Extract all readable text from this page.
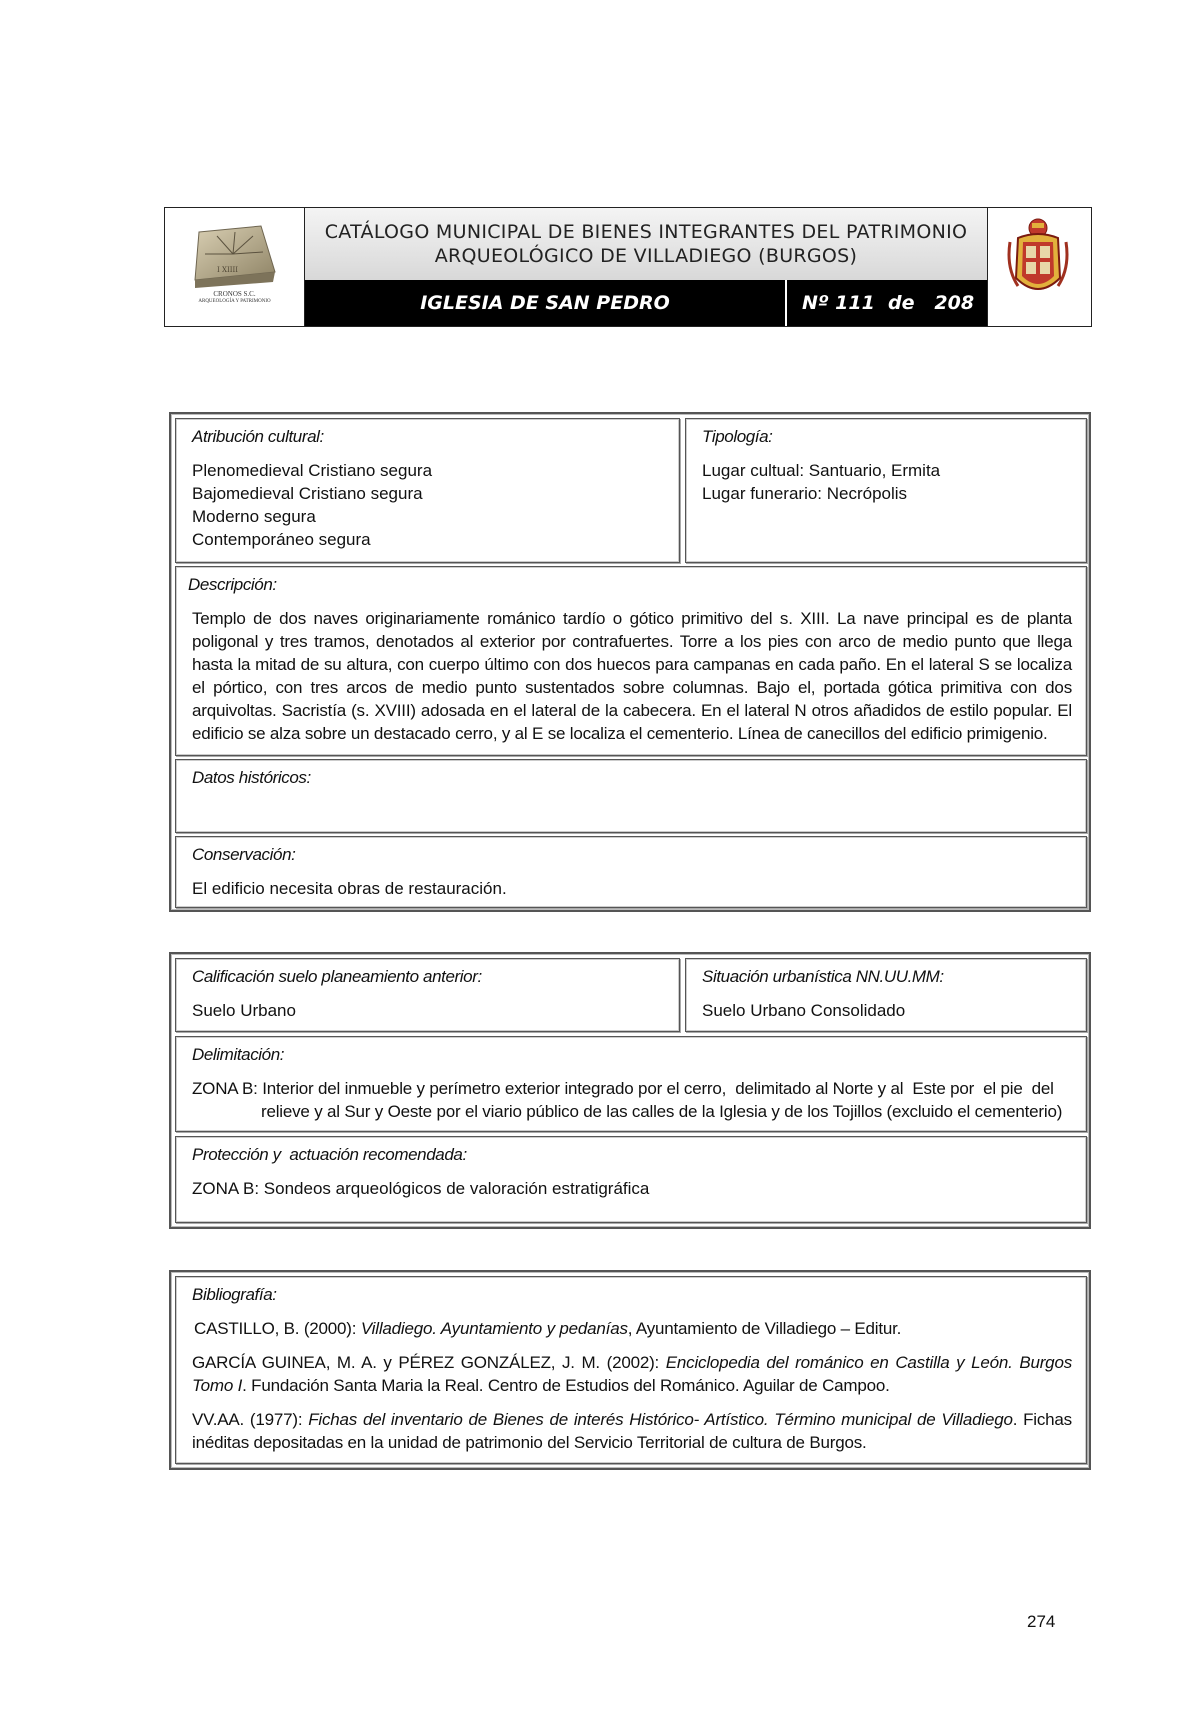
I XIIII
CRONOS S.C.
ARQUEOLOGÍA Y PATRIMONIO
CATÁLOGO MUNICIPAL DE BIENES INTEGRANTES DEL PATRIMONIO
ARQUEOLÓGICO DE VILLADIEGO (BURGOS)
IGLESIA DE SAN PEDRO	Nº 111  de   208
Atribución cultural:
Plenomedieval Cristiano segura
Bajomedieval Cristiano segura
Moderno segura
Contemporáneo segura
Tipología:
Lugar cultual: Santuario, Ermita
Lugar funerario: Necrópolis
Descripción:
Templo de dos naves originariamente románico tardío o gótico primitivo del s. XIII. La nave principal es de planta poligonal y tres tramos, denotados al exterior por contrafuertes. Torre a los pies con arco de medio punto que llega hasta la mitad de su altura, con cuerpo último con dos huecos para campanas en cada paño. En el lateral S se localiza el pórtico, con tres arcos de medio punto sustentados sobre columnas. Bajo el, portada gótica primitiva con dos arquivoltas. Sacristía (s. XVIII) adosada en el lateral de la cabecera. En el lateral N otros añadidos de estilo popular. El edificio se alza sobre un destacado cerro, y al E se localiza el cementerio. Línea de canecillos del edificio primigenio.
Datos históricos:
Conservación:
El edificio necesita obras de restauración.
Calificación suelo planeamiento anterior:
Suelo Urbano
Situación urbanística NN.UU.MM:
Suelo Urbano Consolidado
Delimitación:
ZONA B: Interior del inmueble y perímetro exterior integrado por el cerro,  delimitado al Norte y al  Este por  el pie  del
relieve y al Sur y Oeste por el viario público de las calles de la Iglesia y de los Tojillos (excluido el cementerio)
Protección y  actuación recomendada:
ZONA B: Sondeos arqueológicos de valoración estratigráfica
Bibliografía:

CASTILLO, B. (2000): Villadiego. Ayuntamiento y pedanías, Ayuntamiento de Villadiego – Editur.

GARCÍA GUINEA, M. A. y PÉREZ GONZÁLEZ, J. M. (2002): Enciclopedia del románico en Castilla y León. Burgos Tomo I. Fundación Santa Maria la Real. Centro de Estudios del Románico. Aguilar de Campoo.

VV.AA. (1977): Fichas del inventario de Bienes de interés Histórico- Artístico. Término municipal de Villadiego. Fichas inéditas depositadas en la unidad de patrimonio del Servicio Territorial de cultura de Burgos.

274
